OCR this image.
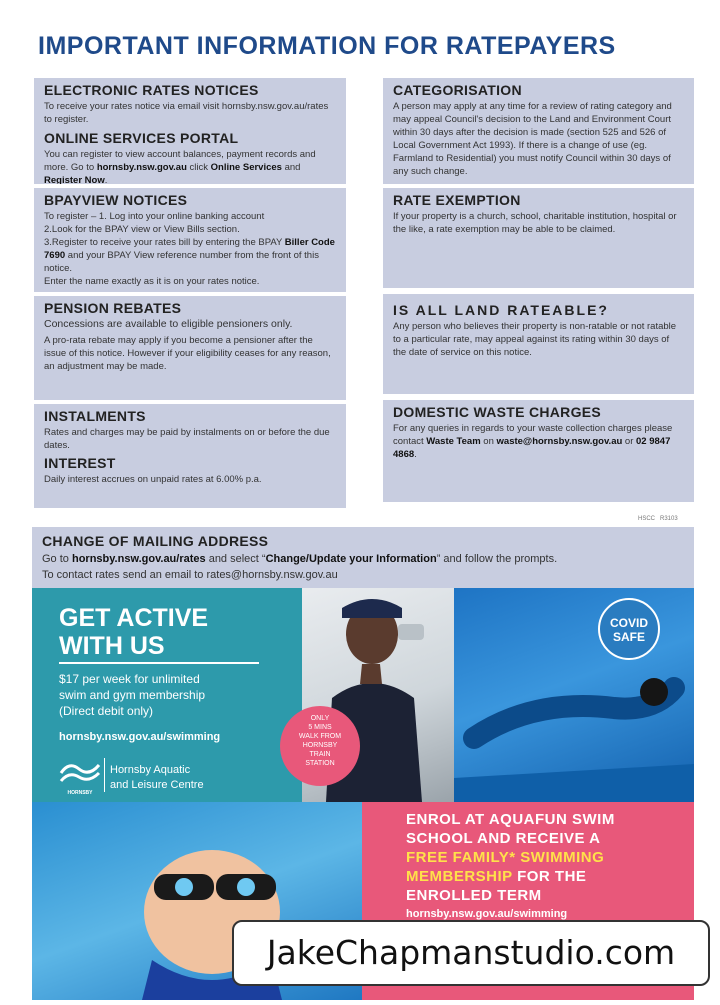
IMPORTANT INFORMATION FOR RATEPAYERS
ELECTRONIC RATES NOTICES

To receive your rates notice via email visit hornsby.nsw.gov.au/rates to register.

ONLINE SERVICES PORTAL

You can register to view account balances, payment records and more. Go to hornsby.nsw.gov.au click Online Services and Register Now.

BPAYVIEW NOTICES

To register – 1. Log into your online banking account
2.Look for the BPAY view or View Bills section.
3.Register to receive your rates bill by entering the BPAY Biller Code 7690 and your BPAY View reference number from the front of this notice.
Enter the name exactly as it is on your rates notice.

PENSION REBATES

Concessions are available to eligible pensioners only.

A pro-rata rebate may apply if you become a pensioner after the issue of this notice. However if your eligibility ceases for any reason, an adjustment may be made.

INSTALMENTS

Rates and charges may be paid by instalments on or before the due dates.

INTEREST

Daily interest accrues on unpaid rates at 6.00% p.a.

CATEGORISATION

A person may apply at any time for a review of rating category and may appeal Council's decision to the Land and Environment Court within 30 days after the decision is made (section 525 and 526 of Local Government Act 1993). If there is a change of use (eg. Farmland to Residential) you must notify Council within 30 days of any such change.

RATE EXEMPTION

If your property is a church, school, charitable institution, hospital or the like, a rate exemption may be able to be claimed.

IS ALL LAND RATEABLE?

Any person who believes their property is non-ratable or not ratable to a particular rate, may appeal against its rating within 30 days of the date of service on this notice.

DOMESTIC WASTE CHARGES

For any queries in regards to your waste collection charges please contact Waste Team on waste@hornsby.nsw.gov.au or 02 9847 4868.

HSCC   R3103
CHANGE OF MAILING ADDRESS

Go to hornsby.nsw.gov.au/rates and select “Change/Update your Information” and follow the prompts.

To contact rates send an email to rates@hornsby.nsw.gov.au

GET ACTIVE
WITH US
$17 per week for unlimited
swim and gym membership
(Direct debit only)
hornsby.nsw.gov.au/swimming
HORNSBY
Hornsby Aquatic
and Leisure Centre
ONLY
5 MINS
WALK FROM
HORNSBY
TRAIN
STATION
COVID
SAFE
ENROL AT AQUAFUN SWIM
SCHOOL AND RECEIVE A
FREE FAMILY* SWIMMING
MEMBERSHIP FOR THE
ENROLLED TERM
hornsby.nsw.gov.au/swimming
JakeChapmanstudio.com
